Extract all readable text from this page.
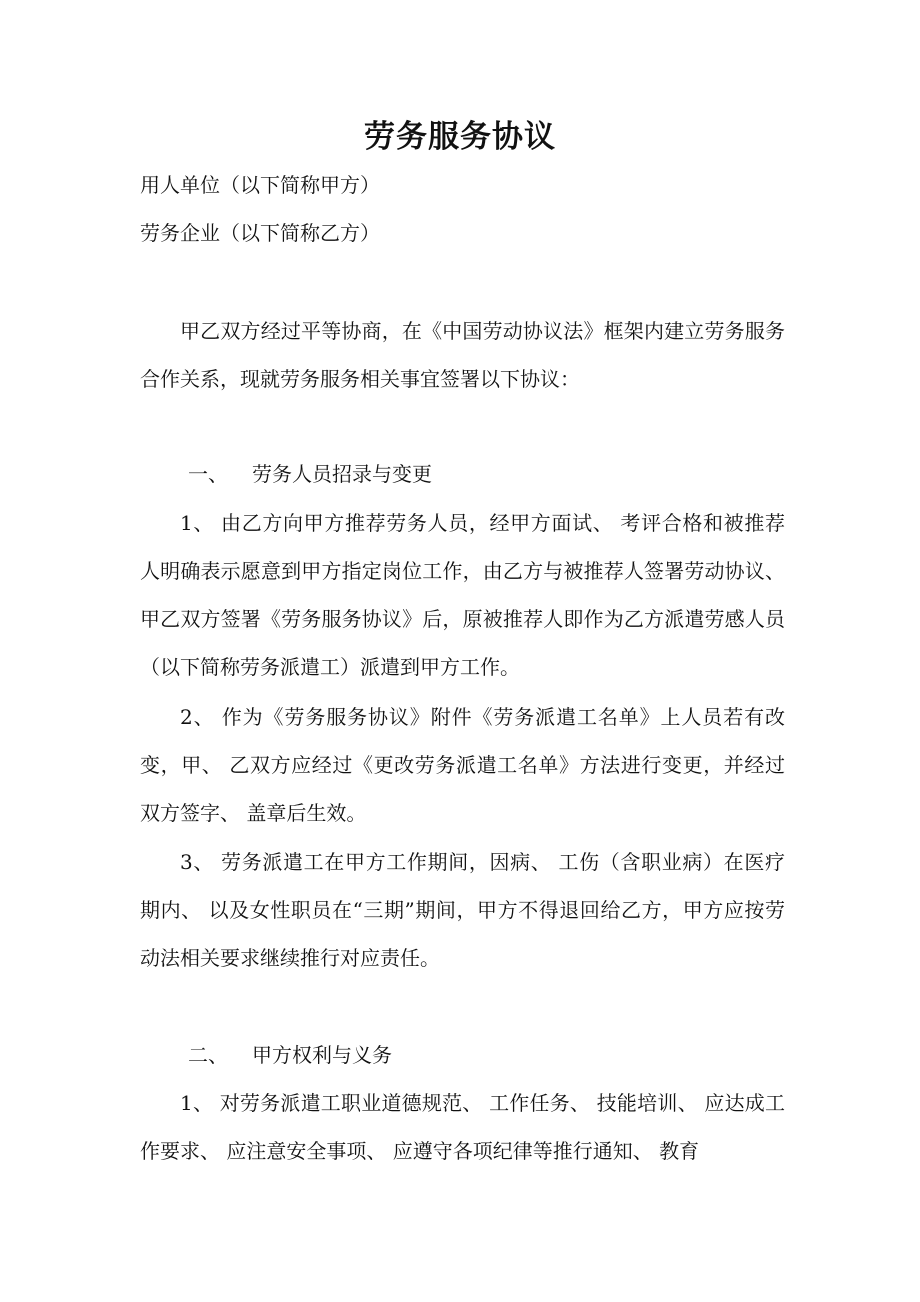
劳务服务协议
用人单位（以下简称甲方）
劳务企业（以下简称乙方）
甲乙双方经过平等协商，在《中国劳动协议法》框架内建立劳务服务合作关系，现就劳务服务相关事宜签署以下协议：
一、 劳务人员招录与变更
1、 由乙方向甲方推荐劳务人员，经甲方面试、 考评合格和被推荐人明确表示愿意到甲方指定岗位工作，由乙方与被推荐人签署劳动协议、甲乙双方签署《劳务服务协议》后，原被推荐人即作为乙方派遣劳感人员（以下简称劳务派遣工）派遣到甲方工作。
2、 作为《劳务服务协议》附件《劳务派遣工名单》上人员若有改变，甲、 乙双方应经过《更改劳务派遣工名单》方法进行变更，并经过双方签字、 盖章后生效。
3、 劳务派遣工在甲方工作期间，因病、 工伤（含职业病）在医疗期内、 以及女性职员在“三期”期间，甲方不得退回给乙方，甲方应按劳动法相关要求继续推行对应责任。
二、 甲方权利与义务
1、 对劳务派遣工职业道德规范、 工作任务、 技能培训、 应达成工作要求、 应注意安全事项、 应遵守各项纪律等推行通知、 教育
